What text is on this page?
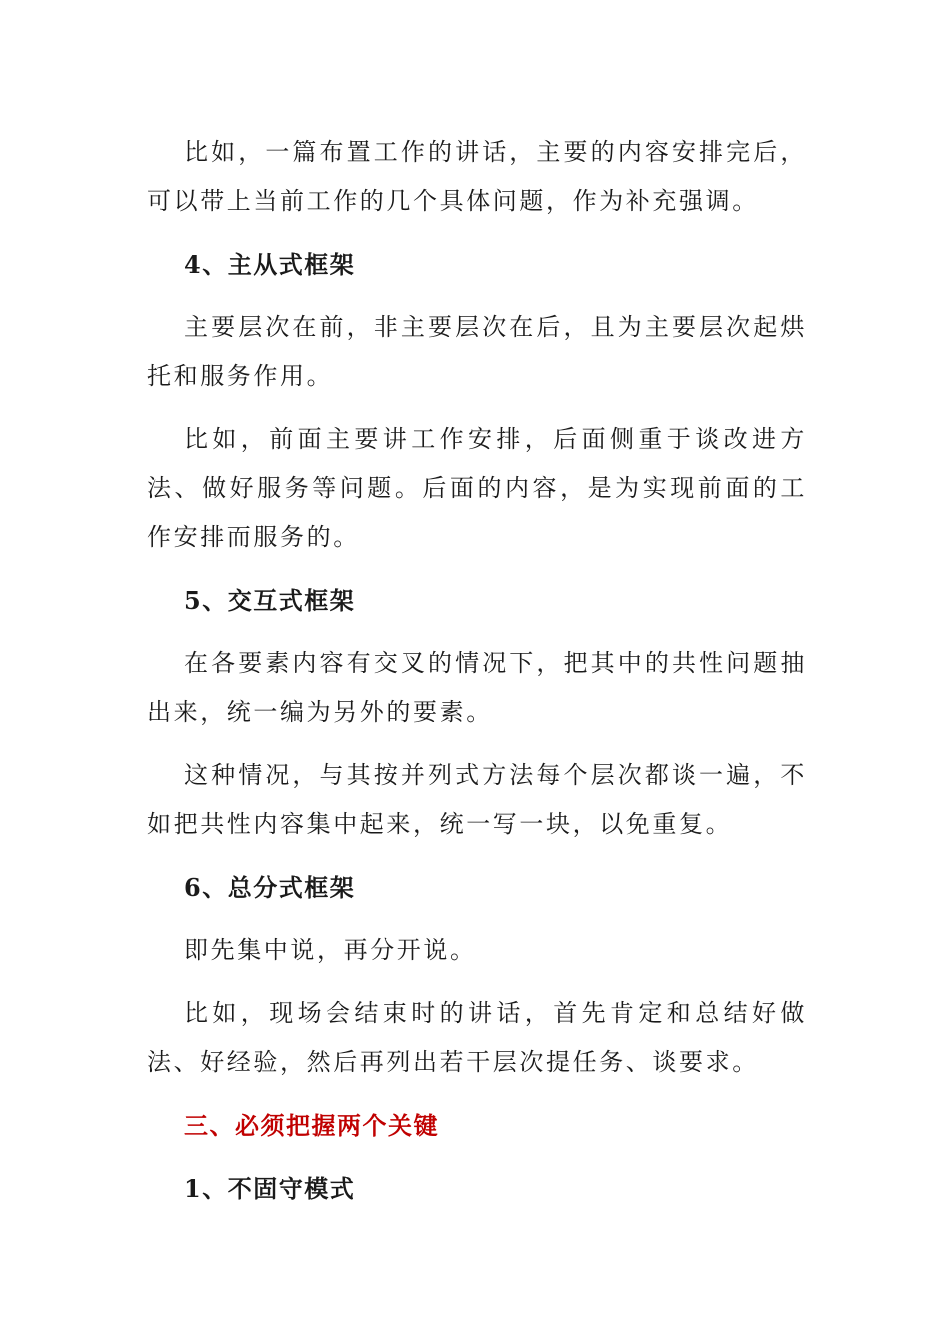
比如，一篇布置工作的讲话，主要的内容安排完后，可以带上当前工作的几个具体问题，作为补充强调。

4、主从式框架

主要层次在前，非主要层次在后，且为主要层次起烘托和服务作用。

比如，前面主要讲工作安排，后面侧重于谈改进方法、做好服务等问题。后面的内容，是为实现前面的工作安排而服务的。

5、交互式框架

在各要素内容有交叉的情况下，把其中的共性问题抽出来，统一编为另外的要素。

这种情况，与其按并列式方法每个层次都谈一遍，不如把共性内容集中起来，统一写一块，以免重复。

6、总分式框架

即先集中说，再分开说。

比如，现场会结束时的讲话，首先肯定和总结好做法、好经验，然后再列出若干层次提任务、谈要求。

三、必须把握两个关键

1、不固守模式
